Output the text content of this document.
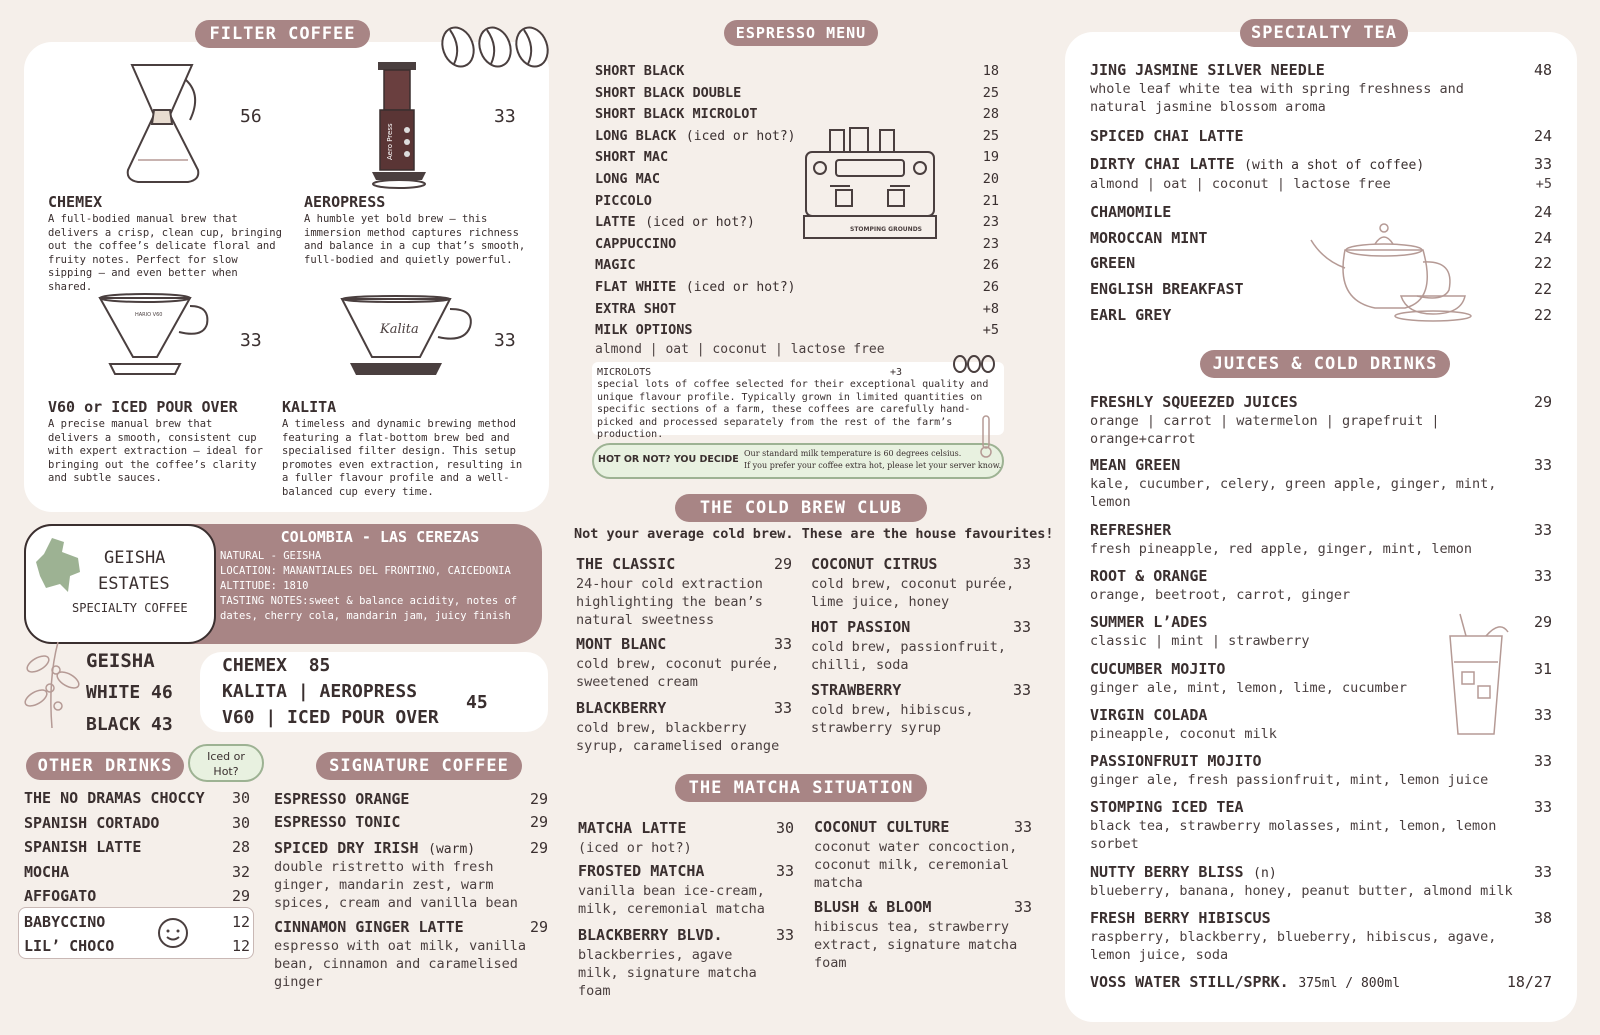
FILTER COFFEE
56
CHEMEX
A full-bodied manual brew that delivers a crisp, clean cup, bringing out the coffee’s delicate floral and fruity notes. Perfect for slow sipping – and even better when shared.
Aero Press
33
AEROPRESS
A humble yet bold brew – this immersion method captures richness and balance in a cup that’s smooth, full-bodied and quietly powerful.
HARIO V60
33
V60 or ICED POUR OVER
A precise manual brew that delivers a smooth, consistent cup with expert extraction – ideal for bringing out the coffee’s clarity and subtle sauces.
Kalita
33
KALITA
A timeless and dynamic brewing method featuring a flat-bottom brew bed and specialised filter design. This setup promotes even extraction, resulting in a fuller flavour profile and a well-balanced cup every time.
GEISHA
ESTATES
SPECIALTY COFFEE
COLOMBIA - LAS CEREZAS
NATURAL - GEISHA
LOCATION: MANANTIALES DEL FRONTINO, CAICEDONIA
ALTITUDE: 1810
TASTING NOTES:sweet & balance acidity, notes of
dates, cherry cola, mandarin jam, juicy finish
GEISHA
WHITE 46
BLACK 43
CHEMEX  85
KALITA | AEROPRESS
V60 | ICED POUR OVER
45
OTHER DRINKS	Iced or Hot?
THE NO DRAMAS CHOCCY 30
SPANISH CORTADO	30
SPANISH LATTE	28
MOCHA	32
AFFOGATO	29
BABYCCINO	12
LIL’ CHOCO	12
SIGNATURE COFFEE
ESPRESSO ORANGE	29
ESPRESSO TONIC	29
SPICED DRY IRISH (warm)	29
double ristretto with fresh ginger, mandarin zest, warm spices, cream and vanilla bean
CINNAMON GINGER LATTE	29
espresso with oat milk, vanilla bean, cinnamon and caramelised ginger
ESPRESSO MENU
SHORT BLACK	18
SHORT BLACK DOUBLE	25
SHORT BLACK MICROLOT	28
LONG BLACK (iced or hot?)	25
SHORT MAC	19
LONG MAC	20
PICCOLO	21
LATTE (iced or hot?)	23
CAPPUCCINO	23
MAGIC	26
FLAT WHITE (iced or hot?)	26
EXTRA SHOT	+8
MILK OPTIONS	+5
almond | oat | coconut | lactose free
STOMPING GROUNDS
MICROLOTS	+3
special lots of coffee selected for their exceptional quality and unique flavour profile. Typically grown in limited quantities on specific sections of a farm, these coffees are carefully hand-picked and processed separately from the rest of the farm’s production.
HOT OR NOT? YOU DECIDE
Our standard milk temperature is 60 degrees celsius.
If you prefer your coffee extra hot, please let your server know.
THE COLD BREW CLUB
Not your average cold brew. These are the house favourites!
THE CLASSIC	29
24-hour cold extraction highlighting the bean’s natural sweetness
MONT BLANC	33
cold brew, coconut purée, sweetened cream
BLACKBERRY	33
cold brew, blackberry syrup, caramelised orange
COCONUT CITRUS	33
cold brew, coconut purée, lime juice, honey
HOT PASSION	33
cold brew, passionfruit, chilli, soda
STRAWBERRY	33
cold brew, hibiscus, strawberry syrup
THE MATCHA SITUATION
MATCHA LATTE	30
(iced or hot?)
FROSTED MATCHA	33
vanilla bean ice-cream, milk, ceremonial matcha
BLACKBERRY BLVD.	33
blackberries, agave milk, signature matcha foam
COCONUT CULTURE	33
coconut water concoction, coconut milk, ceremonial matcha
BLUSH & BLOOM	33
hibiscus tea, strawberry extract, signature matcha foam
SPECIALTY TEA
JING JASMINE SILVER NEEDLE	48
whole leaf white tea with spring freshness and natural jasmine blossom aroma
SPICED CHAI LATTE	24
DIRTY CHAI LATTE (with a shot of coffee)	33
almond | oat | coconut | lactose free	+5
CHAMOMILE	24
MOROCCAN MINT	24
GREEN	22
ENGLISH BREAKFAST	22
EARL GREY	22
JUICES & COLD DRINKS
FRESHLY SQUEEZED JUICES	29
orange | carrot | watermelon | grapefruit | orange+carrot
MEAN GREEN	33
kale, cucumber, celery, green apple, ginger, mint, lemon
REFRESHER	33
fresh pineapple, red apple, ginger, mint, lemon
ROOT & ORANGE	33
orange, beetroot, carrot, ginger
SUMMER L’ADES	29
classic | mint | strawberry
CUCUMBER MOJITO	31
ginger ale, mint, lemon, lime, cucumber
VIRGIN COLADA	33
pineapple, coconut milk
PASSIONFRUIT MOJITO	33
ginger ale, fresh passionfruit, mint, lemon juice
STOMPING ICED TEA	33
black tea, strawberry molasses, mint, lemon, lemon sorbet
NUTTY BERRY BLISS (n)	33
blueberry, banana, honey, peanut butter, almond milk
FRESH BERRY HIBISCUS	38
raspberry, blackberry, blueberry, hibiscus, agave, lemon juice, soda
VOSS WATER STILL/SPRK. 375ml / 800ml	18/27
